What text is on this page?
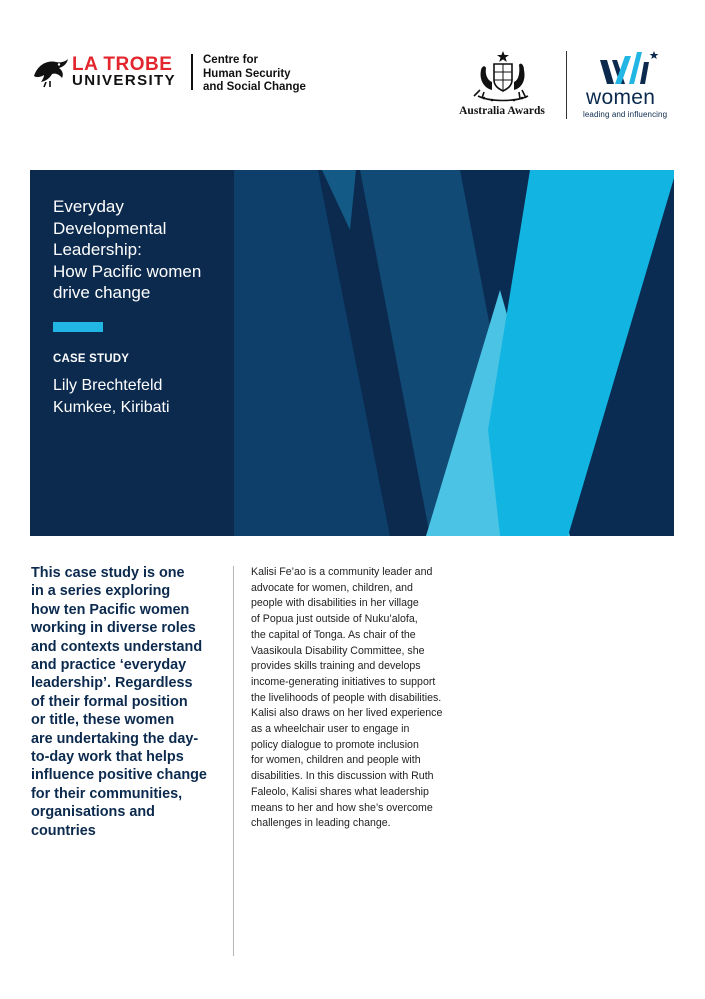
LA TROBE
UNIVERSITY
Centre for
Human Security
and Social Change
Australia Awards
women
leading and influencing
Everyday
Developmental
Leadership:
How Pacific women
drive change
CASE STUDY
Lily Brechtefeld
Kumkee, Kiribati
This case study is one
in a series exploring
how ten Pacific women
working in diverse roles
and contexts understand
and practice ‘everyday
leadership’. Regardless
of their formal position
or title, these women
are undertaking the day-
to-day work that helps
influence positive change
for their communities,
organisations and
countries
Kalisi Fe’ao is a community leader and
advocate for women, children, and
people with disabilities in her village
of Popua just outside of Nuku’alofa,
the capital of Tonga. As chair of the
Vaasikoula Disability Committee, she
provides skills training and develops
income-generating initiatives to support
the livelihoods of people with disabilities.
Kalisi also draws on her lived experience
as a wheelchair user to engage in
policy dialogue to promote inclusion
for women, children and people with
disabilities. In this discussion with Ruth
Faleolo, Kalisi shares what leadership
means to her and how she’s overcome
challenges in leading change.
